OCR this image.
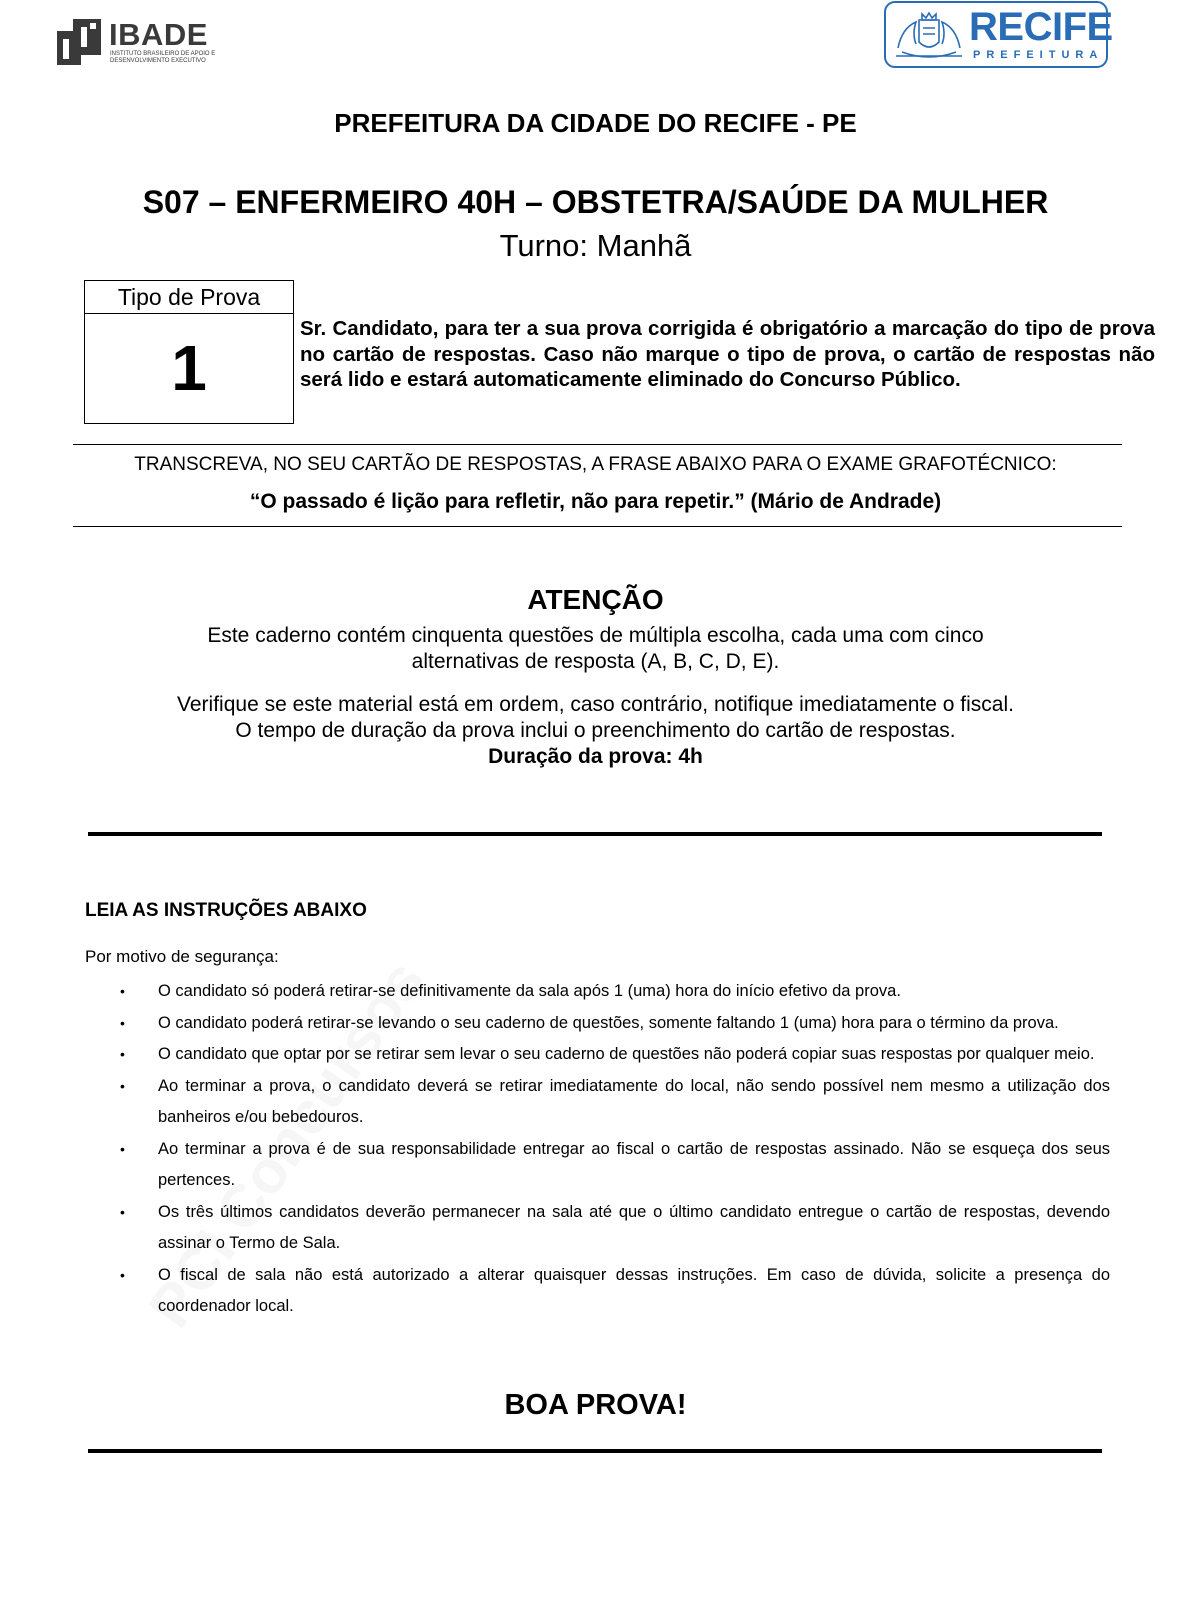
IBADE
INSTITUTO BRASILEIRO DE APOIO E DESENVOLVIMENTO EXECUTIVO
RECIFE
PREFEITURA
PREFEITURA DA CIDADE DO RECIFE - PE
S07 – ENFERMEIRO 40H – OBSTETRA/SAÚDE DA MULHER
Turno: Manhã
Tipo de Prova
1
Sr. Candidato, para ter a sua prova corrigida é obrigatório a marcação do tipo de prova no cartão de respostas. Caso não marque o tipo de prova, o cartão de respostas não será lido e estará automaticamente eliminado do Concurso Público.
TRANSCREVA, NO SEU CARTÃO DE RESPOSTAS, A FRASE ABAIXO PARA O EXAME GRAFOTÉCNICO:
“O passado é lição para refletir, não para repetir.” (Mário de Andrade)
ATENÇÃO
Este caderno contém cinquenta questões de múltipla escolha, cada uma com cinco
alternativas de resposta (A, B, C, D, E).
Verifique se este material está em ordem, caso contrário, notifique imediatamente o fiscal.
O tempo de duração da prova inclui o preenchimento do cartão de respostas.
Duração da prova: 4h
LEIA AS INSTRUÇÕES ABAIXO
Por motivo de segurança:
• O candidato só poderá retirar-se definitivamente da sala após 1 (uma) hora do início efetivo da prova.
• O candidato poderá retirar-se levando o seu caderno de questões, somente faltando 1 (uma) hora para o término da prova.
• O candidato que optar por se retirar sem levar o seu caderno de questões não poderá copiar suas respostas por qualquer meio.
• Ao terminar a prova, o candidato deverá se retirar imediatamente do local, não sendo possível nem mesmo a utilização dos banheiros e/ou bebedouros.
• Ao terminar a prova é de sua responsabilidade entregar ao fiscal o cartão de respostas assinado. Não se esqueça dos seus pertences.
• Os três últimos candidatos deverão permanecer na sala até que o último candidato entregue o cartão de respostas, devendo assinar o Termo de Sala.
• O fiscal de sala não está autorizado a alterar quaisquer dessas instruções. Em caso de dúvida, solicite a presença do coordenador local.
BOA PROVA!
